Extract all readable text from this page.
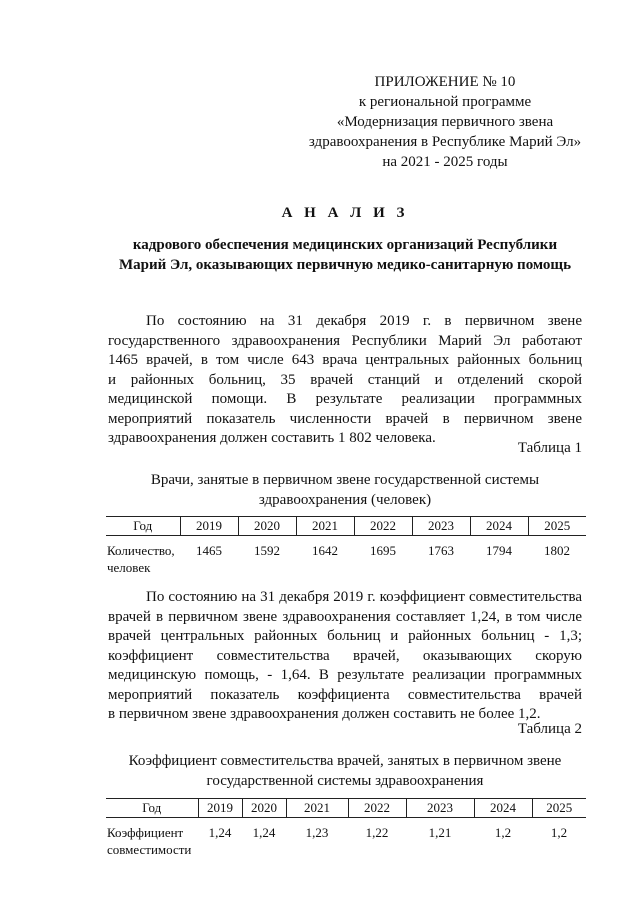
ПРИЛОЖЕНИЕ № 10
к региональной программе
«Модернизация первичного звена
здравоохранения в Республике Марий Эл»
на 2021 - 2025 годы
А Н А Л И З
кадрового обеспечения медицинских организаций Республики
Марий Эл, оказывающих первичную медико-санитарную помощь
По состоянию на 31 декабря 2019 г. в первичном звене
государственного здравоохранения Республики Марий Эл работают
1465 врачей, в том числе 643 врача центральных районных больниц
и районных больниц, 35 врачей станций и отделений скорой
медицинской помощи. В результате реализации программных
мероприятий показатель численности врачей в первичном звене
здравоохранения должен составить 1 802 человека.
Таблица 1
Врачи, занятые в первичном звене государственной системы
здравоохранения (человек)
Год	2019	2020	2021	2022	2023	2024	2025

Количество,
человек	1465	1592	1642	1695	1763	1794	1802
По состоянию на 31 декабря 2019 г. коэффициент совместительства
врачей в первичном звене здравоохранения составляет 1,24, в том числе
врачей центральных районных больниц и районных больниц - 1,3;
коэффициент совместительства врачей, оказывающих скорую
медицинскую помощь, - 1,64. В результате реализации программных
мероприятий показатель коэффициента совместительства врачей
в первичном звене здравоохранения должен составить не более 1,2.
Таблица 2
Коэффициент совместительства врачей, занятых в первичном звене
государственной системы здравоохранения
Год	2019	2020	2021	2022	2023	2024	2025

Коэффициент
совместимости	1,24	1,24	1,23	1,22	1,21	1,2	1,2
